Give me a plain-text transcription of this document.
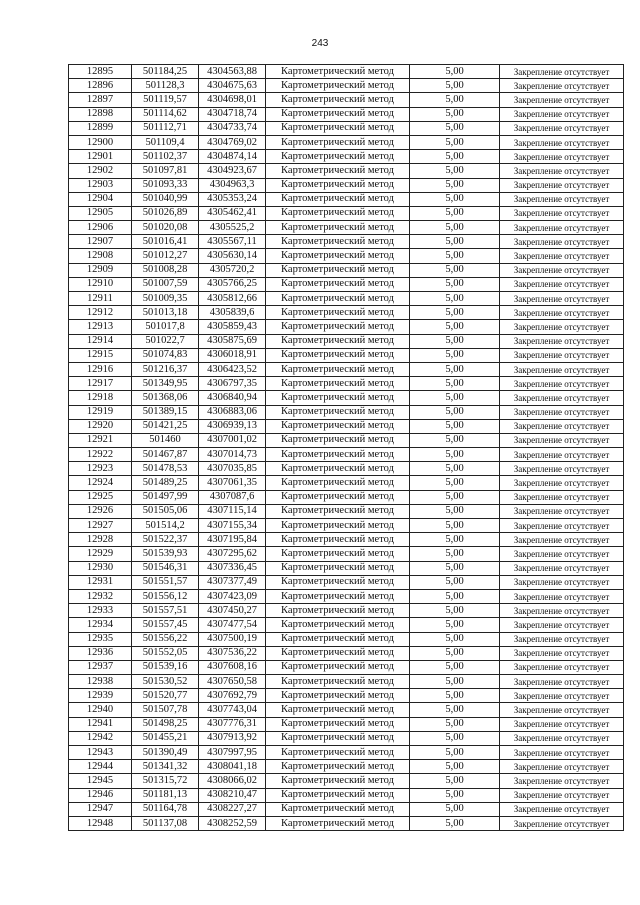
243
12895	501184,25	4304563,88	Картометрический метод	5,00	Закрепление отсутствует
12896	501128,3	4304675,63	Картометрический метод	5,00	Закрепление отсутствует
12897	501119,57	4304698,01	Картометрический метод	5,00	Закрепление отсутствует
12898	501114,62	4304718,74	Картометрический метод	5,00	Закрепление отсутствует
12899	501112,71	4304733,74	Картометрический метод	5,00	Закрепление отсутствует
12900	501109,4	4304769,02	Картометрический метод	5,00	Закрепление отсутствует
12901	501102,37	4304874,14	Картометрический метод	5,00	Закрепление отсутствует
12902	501097,81	4304923,67	Картометрический метод	5,00	Закрепление отсутствует
12903	501093,33	4304963,3	Картометрический метод	5,00	Закрепление отсутствует
12904	501040,99	4305353,24	Картометрический метод	5,00	Закрепление отсутствует
12905	501026,89	4305462,41	Картометрический метод	5,00	Закрепление отсутствует
12906	501020,08	4305525,2	Картометрический метод	5,00	Закрепление отсутствует
12907	501016,41	4305567,11	Картометрический метод	5,00	Закрепление отсутствует
12908	501012,27	4305630,14	Картометрический метод	5,00	Закрепление отсутствует
12909	501008,28	4305720,2	Картометрический метод	5,00	Закрепление отсутствует
12910	501007,59	4305766,25	Картометрический метод	5,00	Закрепление отсутствует
12911	501009,35	4305812,66	Картометрический метод	5,00	Закрепление отсутствует
12912	501013,18	4305839,6	Картометрический метод	5,00	Закрепление отсутствует
12913	501017,8	4305859,43	Картометрический метод	5,00	Закрепление отсутствует
12914	501022,7	4305875,69	Картометрический метод	5,00	Закрепление отсутствует
12915	501074,83	4306018,91	Картометрический метод	5,00	Закрепление отсутствует
12916	501216,37	4306423,52	Картометрический метод	5,00	Закрепление отсутствует
12917	501349,95	4306797,35	Картометрический метод	5,00	Закрепление отсутствует
12918	501368,06	4306840,94	Картометрический метод	5,00	Закрепление отсутствует
12919	501389,15	4306883,06	Картометрический метод	5,00	Закрепление отсутствует
12920	501421,25	4306939,13	Картометрический метод	5,00	Закрепление отсутствует
12921	501460	4307001,02	Картометрический метод	5,00	Закрепление отсутствует
12922	501467,87	4307014,73	Картометрический метод	5,00	Закрепление отсутствует
12923	501478,53	4307035,85	Картометрический метод	5,00	Закрепление отсутствует
12924	501489,25	4307061,35	Картометрический метод	5,00	Закрепление отсутствует
12925	501497,99	4307087,6	Картометрический метод	5,00	Закрепление отсутствует
12926	501505,06	4307115,14	Картометрический метод	5,00	Закрепление отсутствует
12927	501514,2	4307155,34	Картометрический метод	5,00	Закрепление отсутствует
12928	501522,37	4307195,84	Картометрический метод	5,00	Закрепление отсутствует
12929	501539,93	4307295,62	Картометрический метод	5,00	Закрепление отсутствует
12930	501546,31	4307336,45	Картометрический метод	5,00	Закрепление отсутствует
12931	501551,57	4307377,49	Картометрический метод	5,00	Закрепление отсутствует
12932	501556,12	4307423,09	Картометрический метод	5,00	Закрепление отсутствует
12933	501557,51	4307450,27	Картометрический метод	5,00	Закрепление отсутствует
12934	501557,45	4307477,54	Картометрический метод	5,00	Закрепление отсутствует
12935	501556,22	4307500,19	Картометрический метод	5,00	Закрепление отсутствует
12936	501552,05	4307536,22	Картометрический метод	5,00	Закрепление отсутствует
12937	501539,16	4307608,16	Картометрический метод	5,00	Закрепление отсутствует
12938	501530,52	4307650,58	Картометрический метод	5,00	Закрепление отсутствует
12939	501520,77	4307692,79	Картометрический метод	5,00	Закрепление отсутствует
12940	501507,78	4307743,04	Картометрический метод	5,00	Закрепление отсутствует
12941	501498,25	4307776,31	Картометрический метод	5,00	Закрепление отсутствует
12942	501455,21	4307913,92	Картометрический метод	5,00	Закрепление отсутствует
12943	501390,49	4307997,95	Картометрический метод	5,00	Закрепление отсутствует
12944	501341,32	4308041,18	Картометрический метод	5,00	Закрепление отсутствует
12945	501315,72	4308066,02	Картометрический метод	5,00	Закрепление отсутствует
12946	501181,13	4308210,47	Картометрический метод	5,00	Закрепление отсутствует
12947	501164,78	4308227,27	Картометрический метод	5,00	Закрепление отсутствует
12948	501137,08	4308252,59	Картометрический метод	5,00	Закрепление отсутствует
